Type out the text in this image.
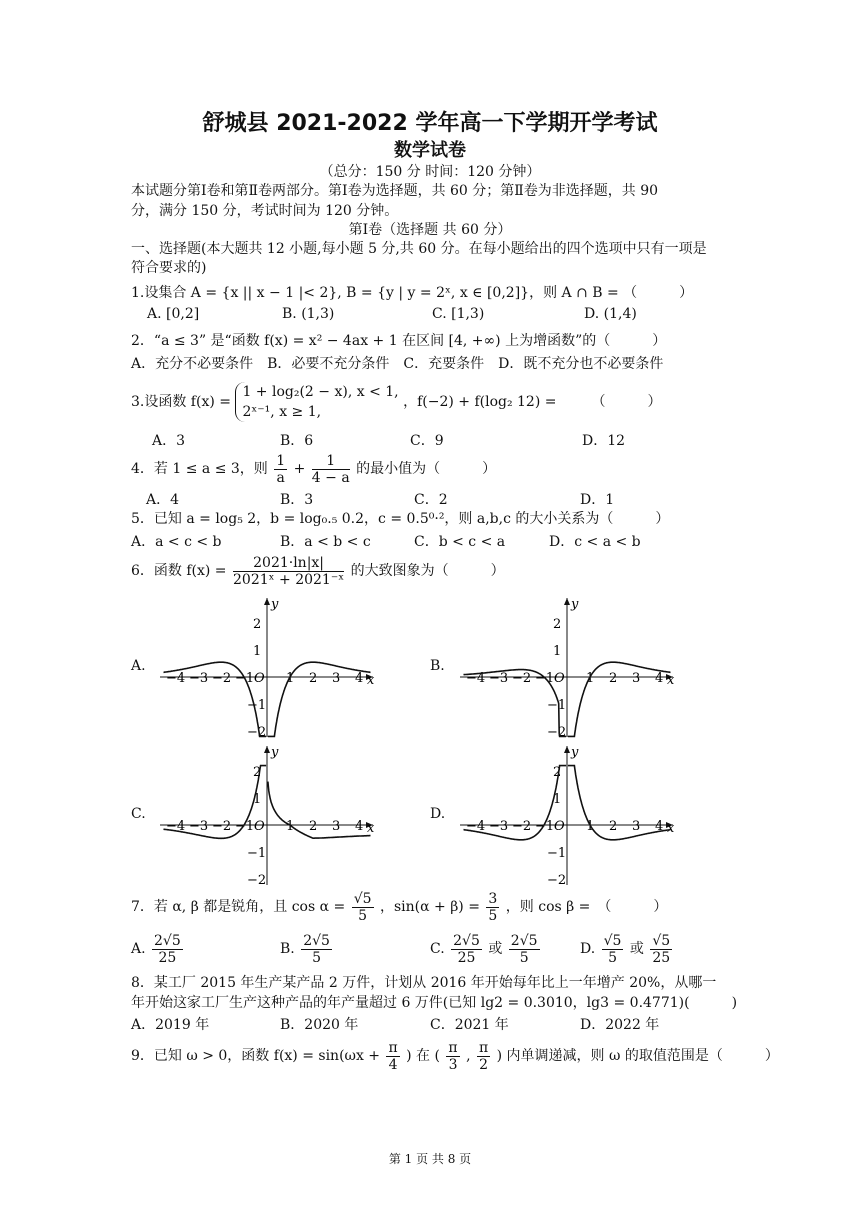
舒城县 2021-2022 学年高一下学期开学考试
数学试卷
（总分：150 分 时间：120 分钟）
本试题分第Ⅰ卷和第Ⅱ卷两部分。第Ⅰ卷为选择题，共 60 分；第Ⅱ卷为非选择题，共 90
分，满分 150 分，考试时间为 120 分钟。
第Ⅰ卷（选择题 共 60 分）
一、选择题(本大题共 12 小题,每小题 5 分,共 60 分。在每小题给出的四个选项中只有一项是
符合要求的)
1.设集合 A = {x || x − 1 |< 2}, B = {y | y = 2ˣ, x ∈ [0,2]}，则 A ∩ B = （　　　）
A. [0,2]	B. (1,3)	C. [1,3)	D. (1,4)
2．“a ≤ 3” 是“函数 f(x) = x² − 4ax + 1 在区间 [4, +∞) 上为增函数”的（　　　）
A．充分不必要条件　B．必要不充分条件　C．充要条件　D．既不充分也不必要条件
3.设函数 f(x) =
1 + log₂(2 − x), x < 1,
2ˣ⁻¹, x ≥ 1,
，f(−2) + f(log₂ 12) =　　　（　　　）
A．3	B．6	C．9	D．12
4．若 1 ≤ a ≤ 3，则 $\frac{1}{a} + \frac{1}{4 - a}$ 的最小值为（　　　）
A．4	B．3	C．2	D．1
5．已知 a = log₅ 2，b = log₀.₅ 0.2，c = 0.5⁰·²，则 a,b,c 的大小关系为（　　　）
A．a < c < b	B．a < b < c	C．b < c < a	D．c < a < b
6．函数 $f(x) = \frac{2021\cdot\ln|x|}{\text{2021ˣ + 2021⁻ˣ}}$ 的大致图象为（　　　）
A.	B.
C.	D.
y
x
O
−4 −3 −2 −1 1 2 3 4
2
1
−1
−2
y
x
O
−4 −3 −2 −1 1 2 3 4
2
1
−1
−2
y
x
O
−4 −3 −2 −1 1 2 3 4
2
1
−1
−2
y
x
O
−4 −3 −2 −1 1 2 3 4
2
1
−1
−2
7．若 α, β 都是锐角，且 $\cos \alpha = \frac{√5}{5}$ ，$\sin(\alpha + \beta) = \frac{3}{5}$ ，则 cos β =　（　　　）
A. $\frac{2√5}{25}$	B. $\frac{2√5}{5}$	C. $\frac{2√5}{25}$ 或 $\frac{2√5}{5}$	D. $\frac{√5}{5}$ 或 $\frac{√5}{25}$
8．某工厂 2015 年生产某产品 2 万件，计划从 2016 年开始每年比上一年增产 20%，从哪一
年开始这家工厂生产这种产品的年产量超过 6 万件(已知 lg2 = 0.3010，lg3 = 0.4771)(　　　)
A．2019 年	B．2020 年	C．2021 年	D．2022 年
9．已知 ω > 0，函数 $f(x) = \sin(\omega x + \frac{\pi}{4}$ ) 在 ( $\frac{\pi}{3}$ , $\frac{\pi}{2}$ ) 内单调递减，则 ω 的取值范围是（　　　）
第 1 页 共 8 页
